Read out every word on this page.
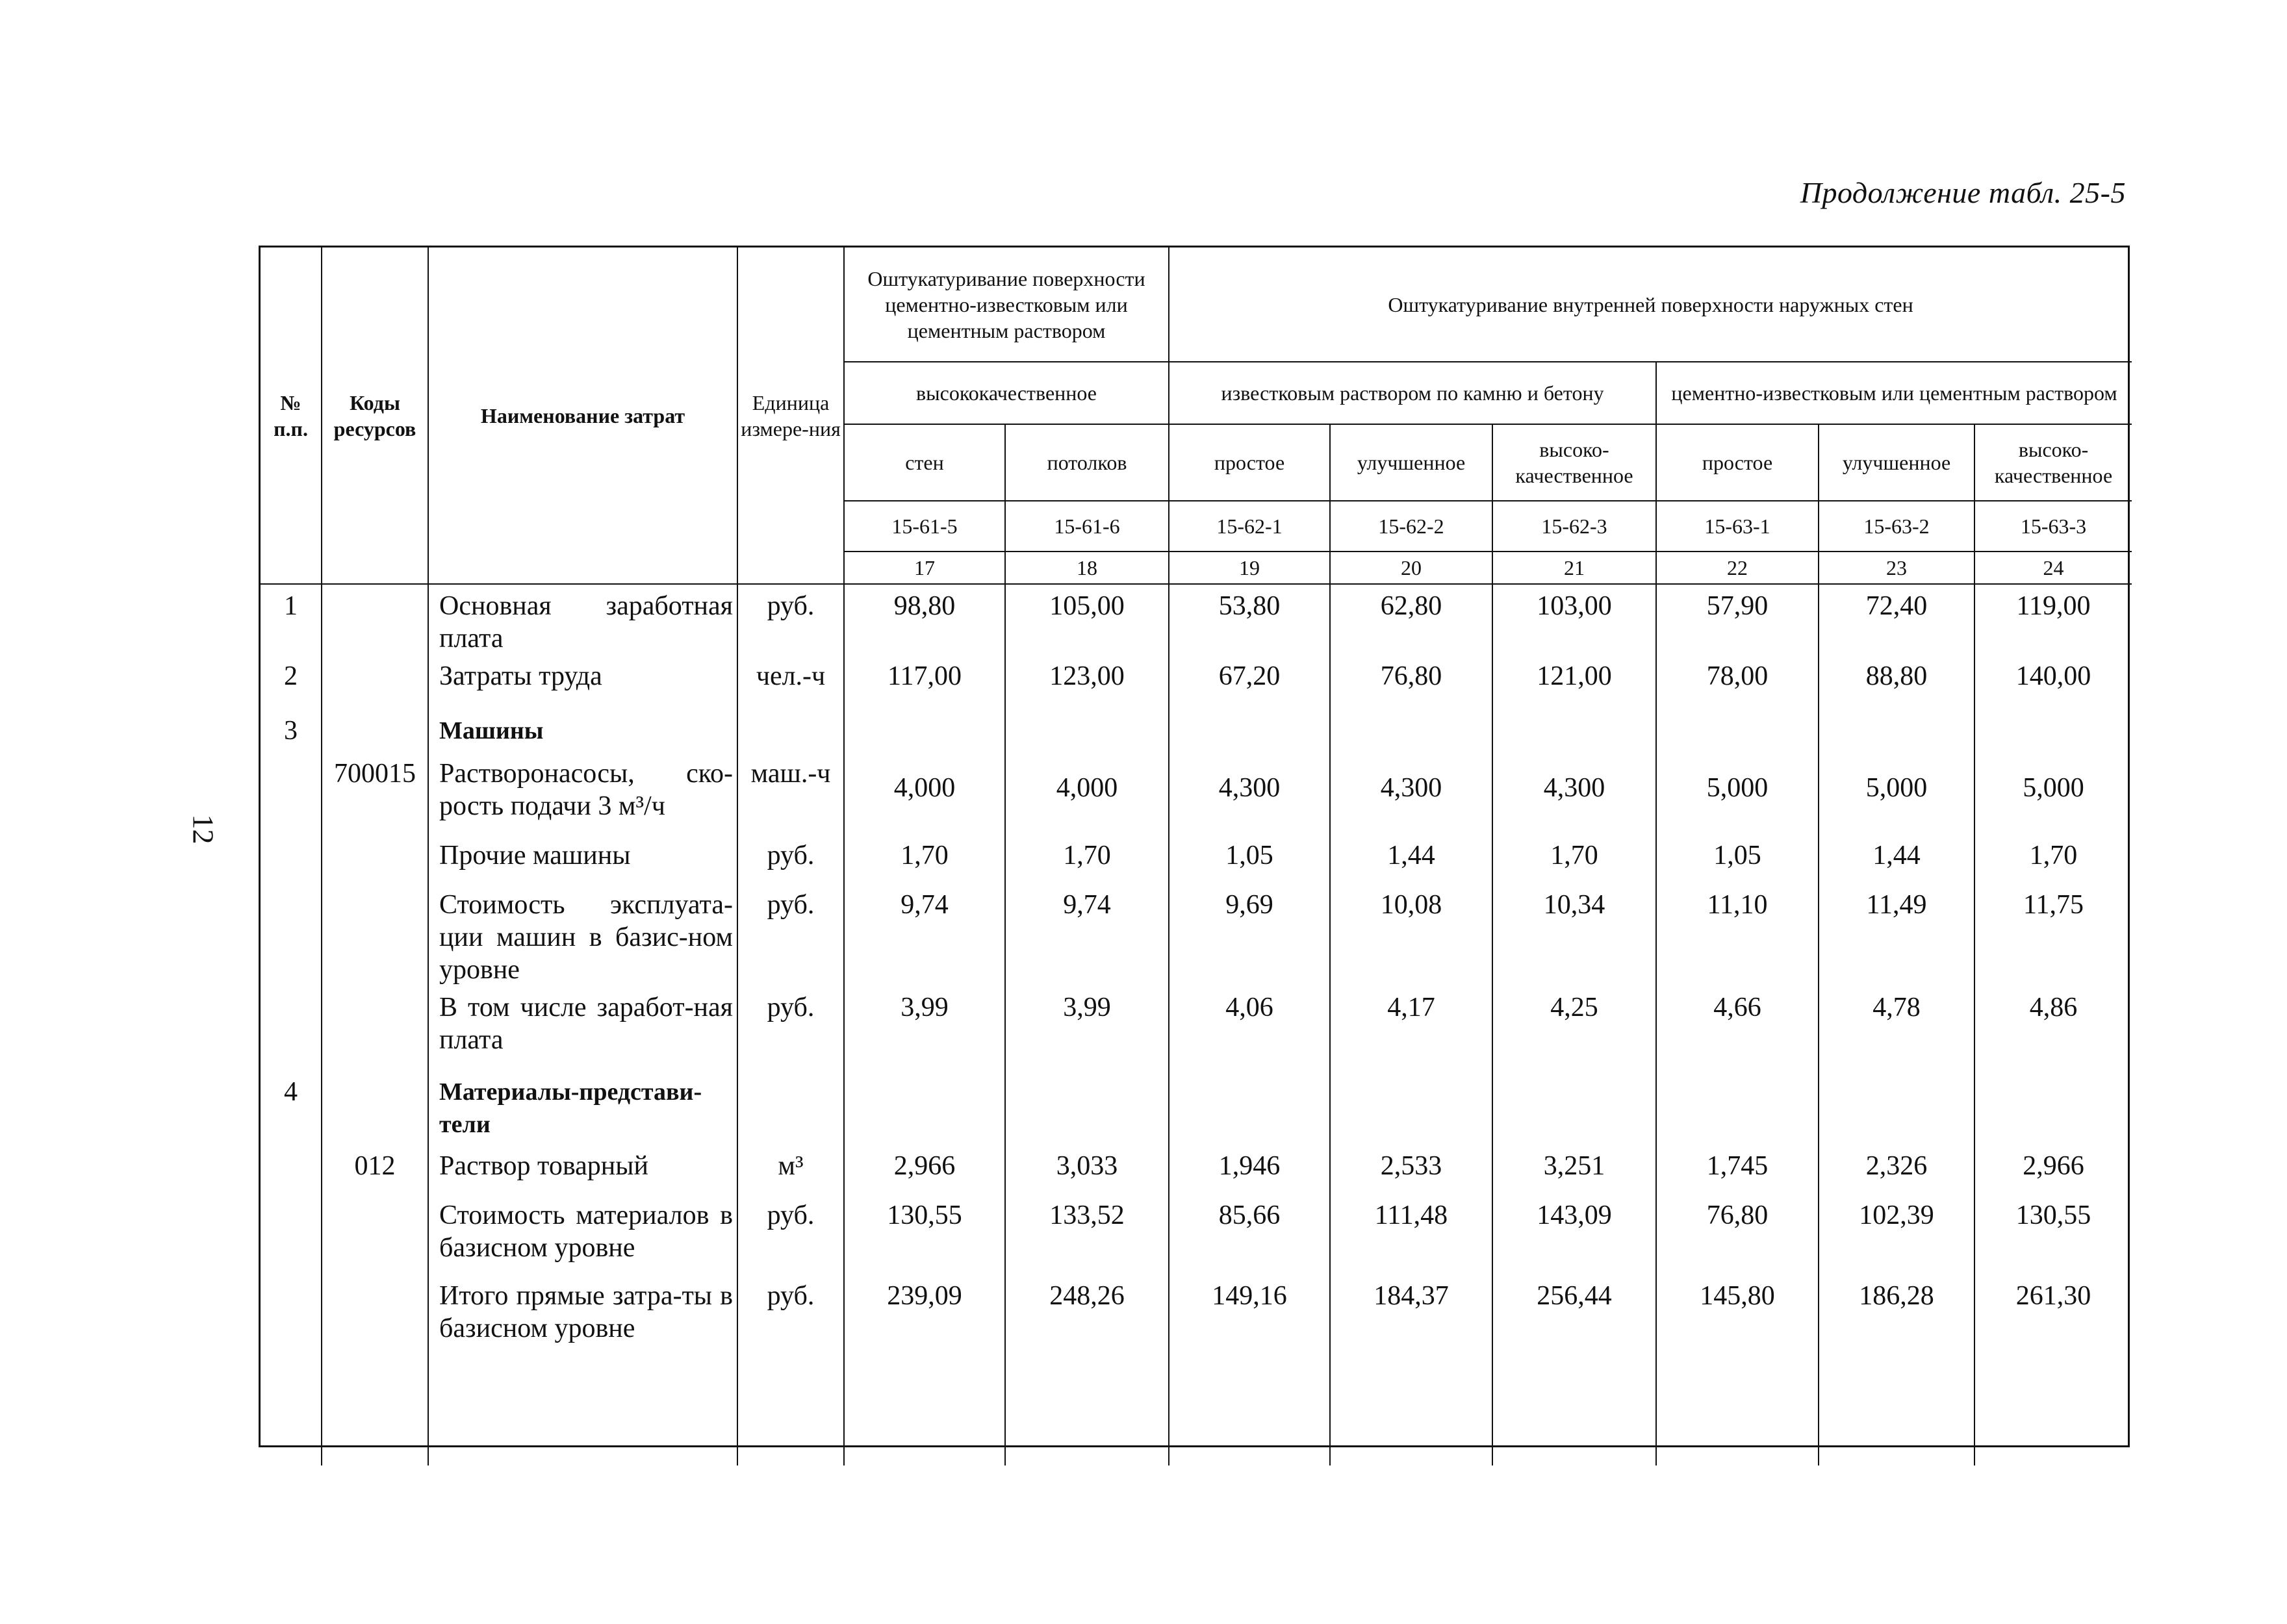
Продолжение табл. 25-5
12
№ п.п.	Коды ресурсов	Наименование затрат	Единица измере-ния	Оштукатуривание поверхности цементно-известковым или цементным раствором		Оштукатуривание внутренней поверхности наружных стен					
				высококачественное		известковым раствором по камню и бетону			цементно-известковым или цементным раствором		
				стен	потолков	простое	улучшенное	высоко-качественное	простое	улучшенное	высоко-качественное
				15-61-5	15-61-6	15-62-1	15-62-2	15-62-3	15-63-1	15-63-2	15-63-3
				17	18	19	20	21	22	23	24
1		Основная заработная плата	руб.	98,80	105,00	53,80	62,80	103,00	57,90	72,40	119,00
2		Затраты труда	чел.-ч	117,00	123,00	67,20	76,80	121,00	78,00	88,80	140,00
3		Машины									
	700015	Растворонасосы, ско-рость подачи 3 м³/ч	маш.-ч	4,000	4,000	4,300	4,300	4,300	5,000	5,000	5,000
		Прочие машины	руб.	1,70	1,70	1,05	1,44	1,70	1,05	1,44	1,70
		Стоимость эксплуата-ции машин в базис-ном уровне	руб.	9,74	9,74	9,69	10,08	10,34	11,10	11,49	11,75
		В том числе заработ-ная плата	руб.	3,99	3,99	4,06	4,17	4,25	4,66	4,78	4,86
4		Материалы-представи-тели									
	012	Раствор товарный	м³	2,966	3,033	1,946	2,533	3,251	1,745	2,326	2,966
		Стоимость материалов в базисном уровне	руб.	130,55	133,52	85,66	111,48	143,09	76,80	102,39	130,55
		Итого прямые затра-ты в базисном уровне	руб.	239,09	248,26	149,16	184,37	256,44	145,80	186,28	261,30
